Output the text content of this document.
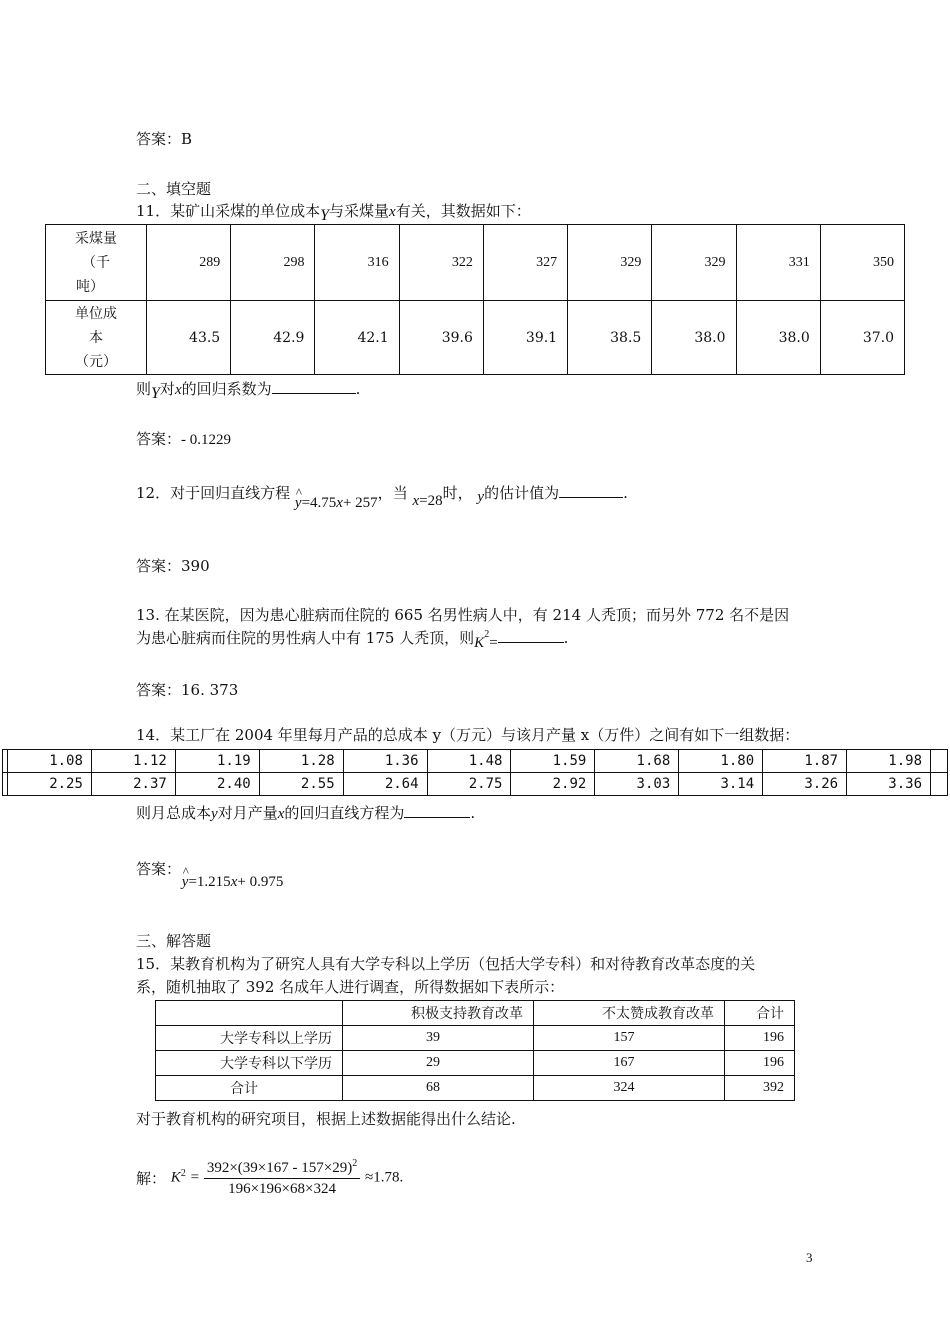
答案：B
二、填空题
11．某矿山采煤的单位成本Y与采煤量x有关，其数据如下：
采煤量
（千
吨）	289	298	316	322	327	329	329	331	350

单位成
本
（元）	43.5	42.9	42.1	39.6	39.1	38.5	38.0	38.0	37.0
则Y对x的回归系数为	.
答案：- 0.1229
12．对于回归直线方程 ^ y=4.75x+ 257，当 x=28时， y的估计值为	.
答案：390
13. 在某医院，因为患心脏病而住院的 665 名男性病人中，有 214 人秃顶；而另外 772 名不是因
为患心脏病而住院的男性病人中有 175 人秃顶，则$K^2=$	.
答案：16. 373
14．某工厂在 2004 年里每月产品的总成本 y（万元）与该月产量 x（万件）之间有如下一组数据：
	1.08	1.12	1.19	1.28	1.36	1.48	1.59	1.68	1.80	1.87	1.98	
	2.25	2.37	2.40	2.55	2.64	2.75	2.92	3.03	3.14	3.26	3.36	
则月总成本y对月产量x的回归直线方程为	.
答案： ^ y=1.215x+ 0.975
三、解答题
15．某教育机构为了研究人具有大学专科以上学历（包括大学专科）和对待教育改革态度的关
系，随机抽取了 392 名成年人进行调查，所得数据如下表所示：
	积极支持教育改革	不太赞成教育改革	合计
大学专科以上学历	39	157	196
大学专科以下学历	29	167	196
合计	68	324	392
对于教育机构的研究项目，根据上述数据能得出什么结论.
解： $K^2 = \frac{392\times(39\times 167 - 157\times 29)^2}{196\times 196\times 68\times 324} \approx 1.78$.
3
